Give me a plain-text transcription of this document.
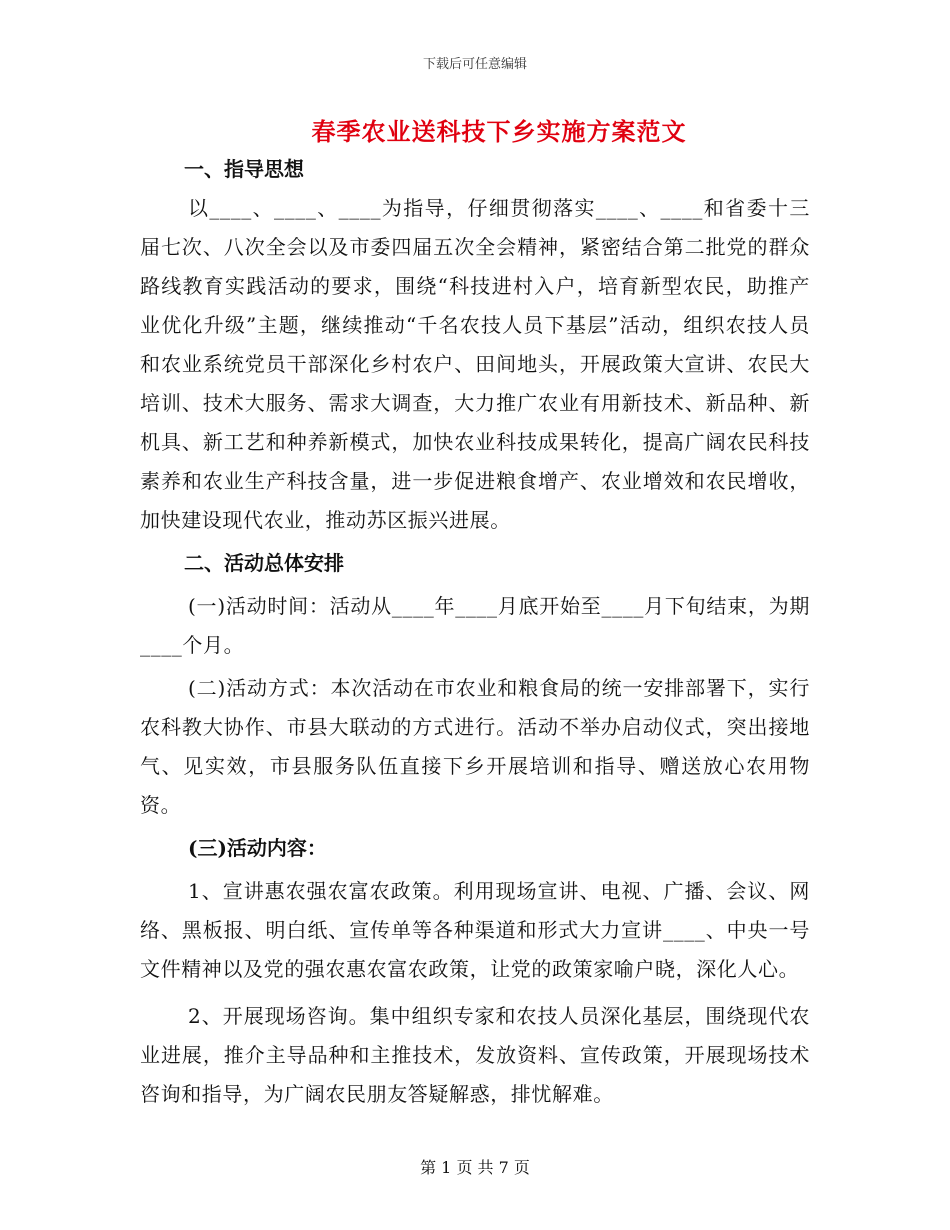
下载后可任意编辑
春季农业送科技下乡实施方案范文

一、指导思想

以____、____、____为指导，仔细贯彻落实____、____和省委十三届七次、八次全会以及市委四届五次全会精神，紧密结合第二批党的群众路线教育实践活动的要求，围绕“科技进村入户，培育新型农民，助推产业优化升级”主题，继续推动“千名农技人员下基层”活动，组织农技人员和农业系统党员干部深化乡村农户、田间地头，开展政策大宣讲、农民大培训、技术大服务、需求大调查，大力推广农业有用新技术、新品种、新机具、新工艺和种养新模式，加快农业科技成果转化，提高广阔农民科技素养和农业生产科技含量，进一步促进粮食增产、农业增效和农民增收，加快建设现代农业，推动苏区振兴进展。

二、活动总体安排

(一)活动时间：活动从____年____月底开始至____月下旬结束，为期____个月。

(二)活动方式：本次活动在市农业和粮食局的统一安排部署下，实行农科教大协作、市县大联动的方式进行。活动不举办启动仪式，突出接地气、见实效，市县服务队伍直接下乡开展培训和指导、赠送放心农用物资。

(三)活动内容：

1、宣讲惠农强农富农政策。利用现场宣讲、电视、广播、会议、网络、黑板报、明白纸、宣传单等各种渠道和形式大力宣讲____、中央一号文件精神以及党的强农惠农富农政策，让党的政策家喻户晓，深化人心。

2、开展现场咨询。集中组织专家和农技人员深化基层，围绕现代农业进展，推介主导品种和主推技术，发放资料、宣传政策，开展现场技术咨询和指导，为广阔农民朋友答疑解惑，排忧解难。

第 1 页 共 7 页
